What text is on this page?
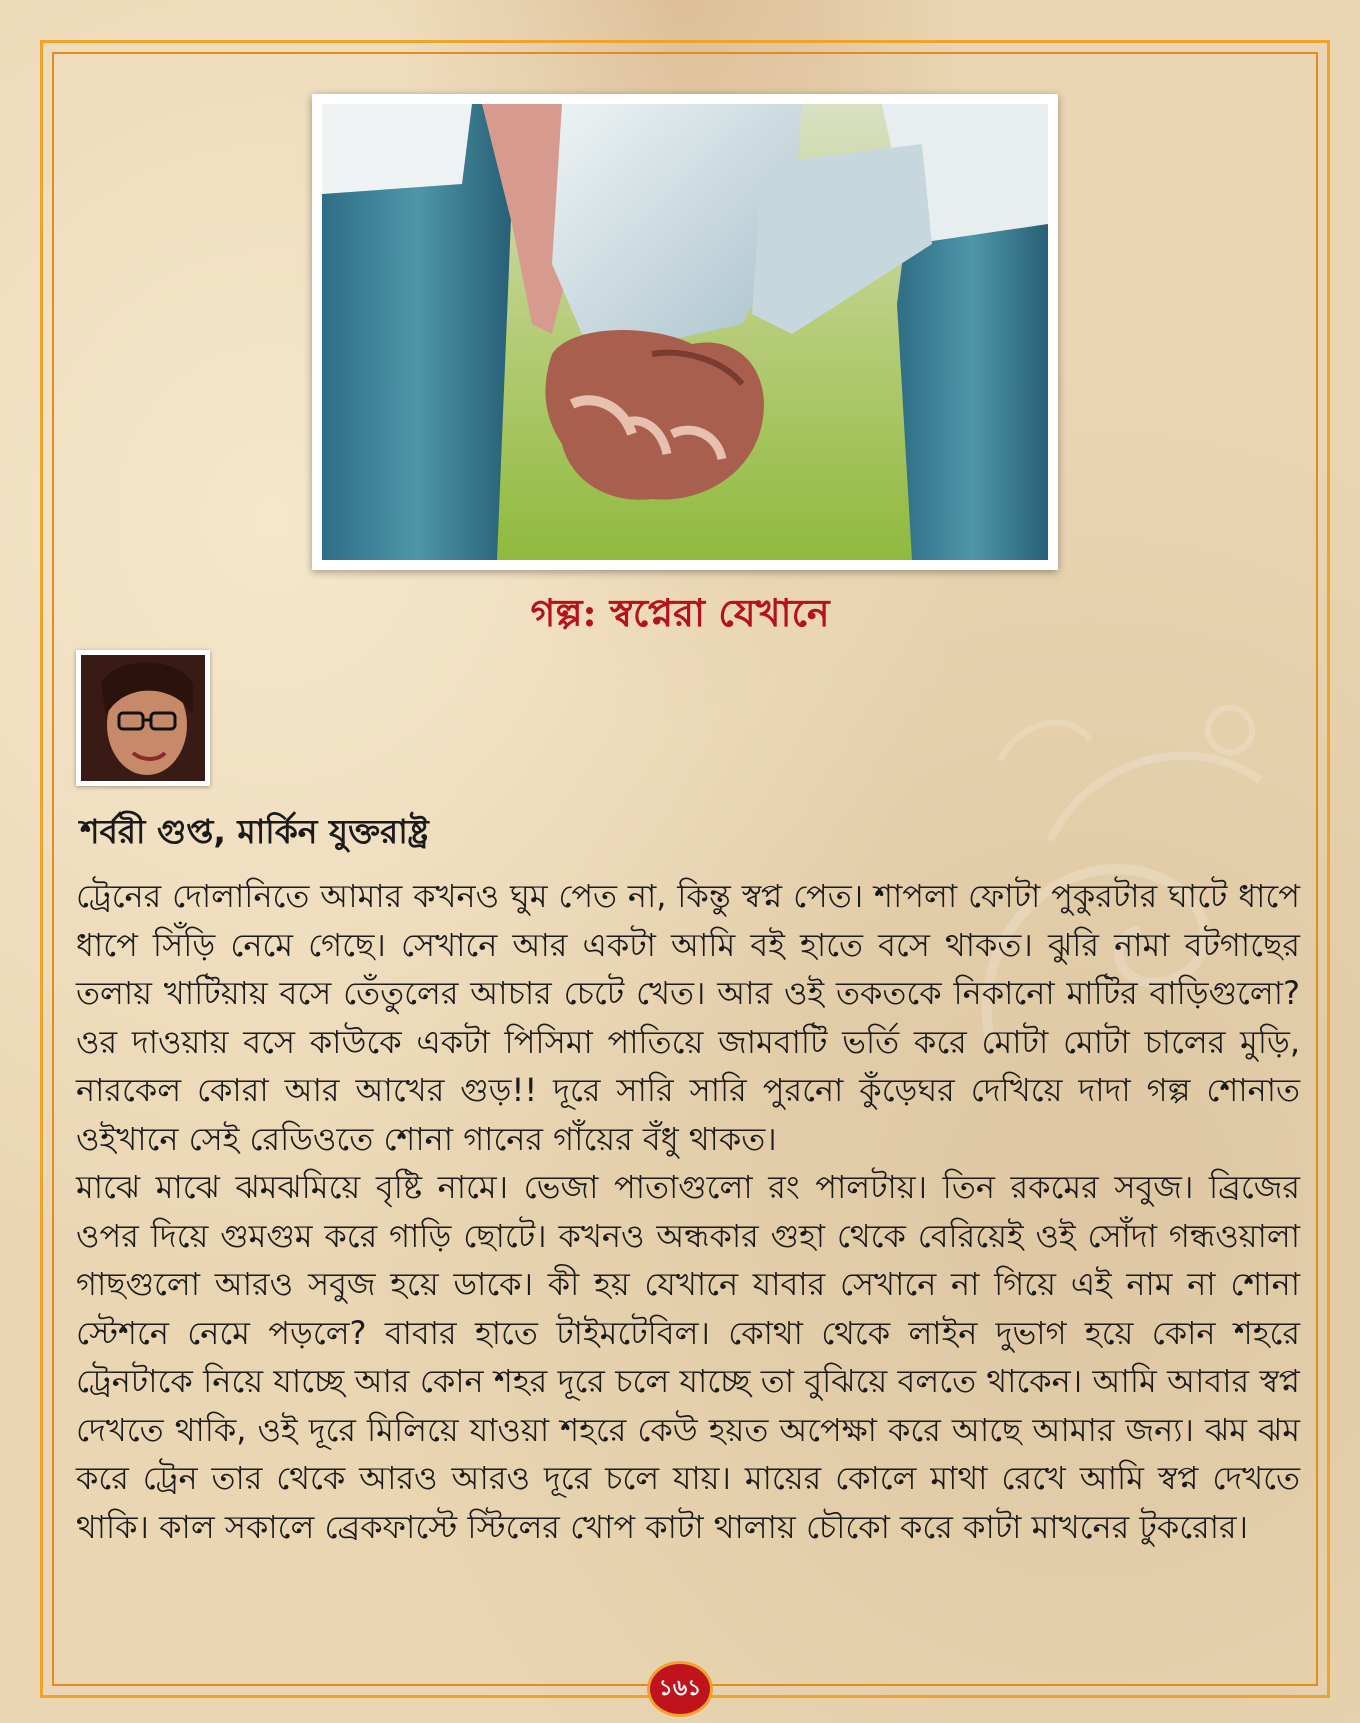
গল্প: স্বপ্নেরা যেখানে
শর্বরী গুপ্ত, মার্কিন যুক্তরাষ্ট্র

ট্রেনের দোলানিতে আমার কখনও ঘুম পেত না, কিন্তু স্বপ্ন পেত। শাপলা ফোটা পুকুরটার ঘাটে ধাপে ধাপে সিঁড়ি নেমে গেছে। সেখানে আর একটা আমি বই হাতে বসে থাকত। ঝুরি নামা বটগাছের তলায় খাটিয়ায় বসে তেঁতুলের আচার চেটে খেত। আর ওই তকতকে নিকানো মাটির বাড়িগুলো? ওর দাওয়ায় বসে কাউকে একটা পিসিমা পাতিয়ে জামবাটি ভর্তি করে মোটা মোটা চালের মুড়ি, নারকেল কোরা আর আখের গুড়!! দূরে সারি সারি পুরনো কুঁড়েঘর দেখিয়ে দাদা গল্প শোনাত ওইখানে সেই রেডিওতে শোনা গানের গাঁয়ের বঁধু থাকত।

মাঝে মাঝে ঝমঝমিয়ে বৃষ্টি নামে। ভেজা পাতাগুলো রং পালটায়। তিন রকমের সবুজ। ব্রিজের ওপর দিয়ে গুমগুম করে গাড়ি ছোটে। কখনও অন্ধকার গুহা থেকে বেরিয়েই ওই সোঁদা গন্ধওয়ালা গাছগুলো আরও সবুজ হয়ে ডাকে। কী হয় যেখানে যাবার সেখানে না গিয়ে এই নাম না শোনা স্টেশনে নেমে পড়লে? বাবার হাতে টাইমটেবিল। কোথা থেকে লাইন দুভাগ হয়ে কোন শহরে ট্রেনটাকে নিয়ে যাচ্ছে আর কোন শহর দূরে চলে যাচ্ছে তা বুঝিয়ে বলতে থাকেন। আমি আবার স্বপ্ন দেখতে থাকি, ওই দূরে মিলিয়ে যাওয়া শহরে কেউ হয়ত অপেক্ষা করে আছে আমার জন্য। ঝম ঝম করে ট্রেন তার থেকে আরও আরও দূরে চলে যায়। মায়ের কোলে মাথা রেখে আমি স্বপ্ন দেখতে থাকি। কাল সকালে ব্রেকফাস্টে স্টিলের খোপ কাটা থালায় চৌকো করে কাটা মাখনের টুকরোর।

১৬১
